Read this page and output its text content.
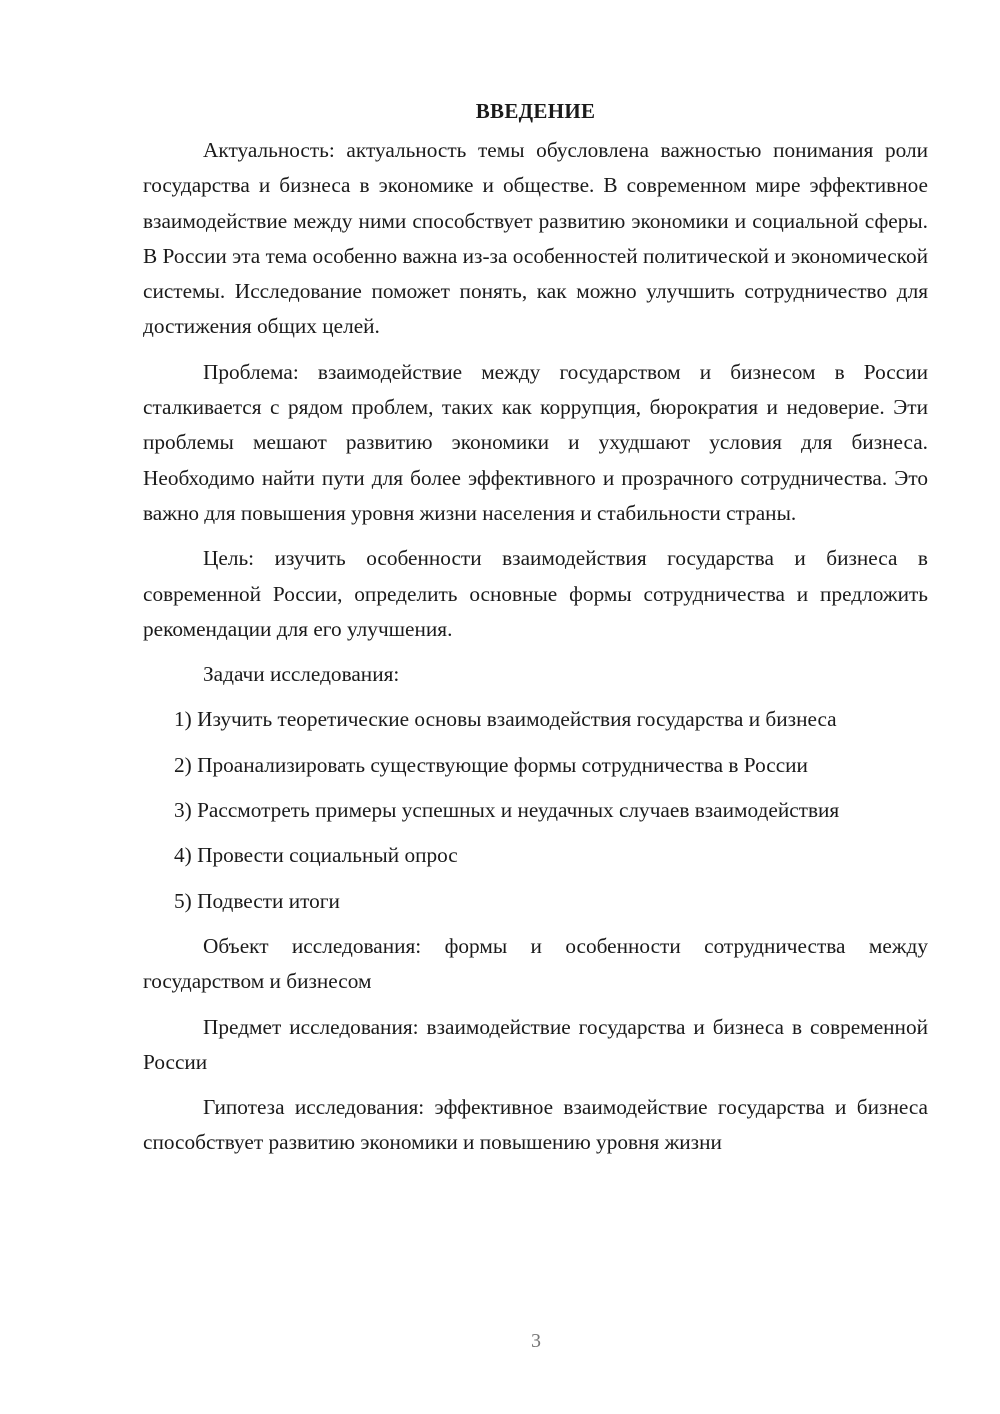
ВВЕДЕНИЕ

Актуальность: актуальность темы обусловлена важностью понимания роли государства и бизнеса в экономике и обществе. В современном мире эффективное взаимодействие между ними способствует развитию экономики и социальной сферы. В России эта тема особенно важна из-за особенностей политической и экономической системы. Исследование поможет понять, как можно улучшить сотрудничество для достижения общих целей.

Проблема: взаимодействие между государством и бизнесом в России сталкивается с рядом проблем, таких как коррупция, бюрократия и недоверие. Эти проблемы мешают развитию экономики и ухудшают условия для бизнеса. Необходимо найти пути для более эффективного и прозрачного сотрудничества. Это важно для повышения уровня жизни населения и стабильности страны.

Цель: изучить особенности взаимодействия государства и бизнеса в современной России, определить основные формы сотрудничества и предложить рекомендации для его улучшения.

Задачи исследования:

1) Изучить теоретические основы взаимодействия государства и бизнеса

2) Проанализировать существующие формы сотрудничества в России

3) Рассмотреть примеры успешных и неудачных случаев взаимодействия

4) Провести социальный опрос

5) Подвести итоги

Объект исследования: формы и особенности сотрудничества между государством и бизнесом

Предмет исследования: взаимодействие государства и бизнеса в современной России

Гипотеза исследования: эффективное взаимодействие государства и бизнеса способствует развитию экономики и повышению уровня жизни

3
